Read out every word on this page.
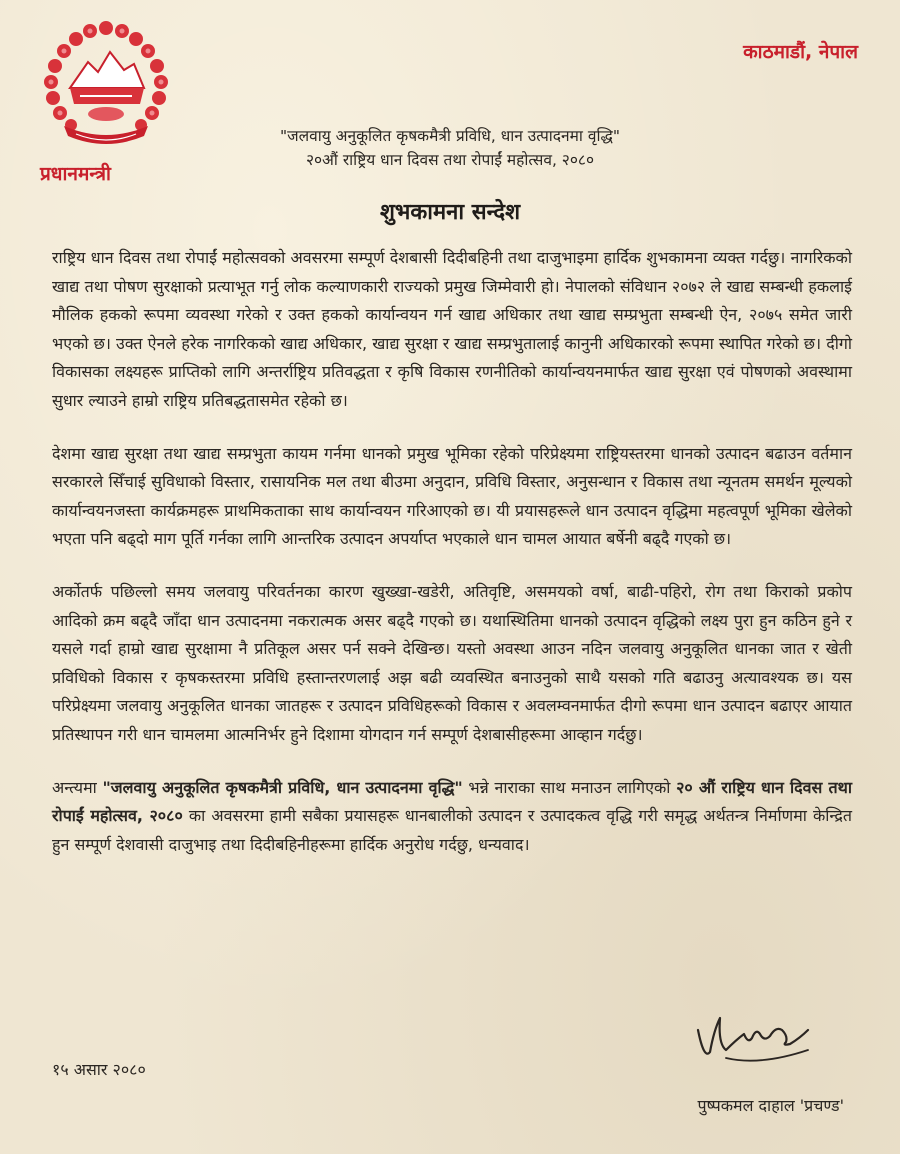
प्रधानमन्त्री
काठमाडौं, नेपाल
"जलवायु अनुकूलित कृषकमैत्री प्रविधि, धान उत्पादनमा वृद्धि"
२०औं राष्ट्रिय धान दिवस तथा रोपाईं महोत्सव, २०८०
शुभकामना सन्देश

राष्ट्रिय धान दिवस तथा रोपाईं महोत्सवको अवसरमा सम्पूर्ण देशबासी दिदीबहिनी तथा दाजुभाइमा हार्दिक शुभकामना व्यक्त गर्दछु। नागरिकको खाद्य तथा पोषण सुरक्षाको प्रत्याभूत गर्नु लोक कल्याणकारी राज्यको प्रमुख जिम्मेवारी हो। नेपालको संविधान २०७२ ले खाद्य सम्बन्धी हकलाई मौलिक हकको रूपमा व्यवस्था गरेको र उक्त हकको कार्यान्वयन गर्न खाद्य अधिकार तथा खाद्य सम्प्रभुता सम्बन्धी ऐन, २०७५ समेत जारी भएको छ। उक्त ऐनले हरेक नागरिकको खाद्य अधिकार, खाद्य सुरक्षा र खाद्य सम्प्रभुतालाई कानुनी अधिकारको रूपमा स्थापित गरेको छ। दीगो विकासका लक्ष्यहरू प्राप्तिको लागि अन्तर्राष्ट्रिय प्रतिवद्धता र कृषि विकास रणनीतिको कार्यान्वयनमार्फत खाद्य सुरक्षा एवं पोषणको अवस्थामा सुधार ल्याउने हाम्रो राष्ट्रिय प्रतिबद्धतासमेत रहेको छ।

देशमा खाद्य सुरक्षा तथा खाद्य सम्प्रभुता कायम गर्नमा धानको प्रमुख भूमिका रहेको परिप्रेक्ष्यमा राष्ट्रियस्तरमा धानको उत्पादन बढाउन वर्तमान सरकारले सिँचाई सुविधाको विस्तार, रासायनिक मल तथा बीउमा अनुदान, प्रविधि विस्तार, अनुसन्धान र विकास तथा न्यूनतम समर्थन मूल्यको कार्यान्वयनजस्ता कार्यक्रमहरू प्राथमिकताका साथ कार्यान्वयन गरिआएको छ। यी प्रयासहरूले धान उत्पादन वृद्धिमा महत्वपूर्ण भूमिका खेलेको भएता पनि बढ्दो माग पूर्ति गर्नका लागि आन्तरिक उत्पादन अपर्याप्त भएकाले धान चामल आयात बर्षेनी बढ्दै गएको छ।

अर्कोतर्फ पछिल्लो समय जलवायु परिवर्तनका कारण खुख्खा-खडेरी, अतिवृष्टि, असमयको वर्षा, बाढी-पहिरो, रोग तथा किराको प्रकोप आदिको क्रम बढ्दै जाँदा धान उत्पादनमा नकरात्मक असर बढ्दै गएको छ। यथास्थितिमा धानको उत्पादन वृद्धिको लक्ष्य पुरा हुन कठिन हुने र यसले गर्दा हाम्रो खाद्य सुरक्षामा नै प्रतिकूल असर पर्न सक्ने देखिन्छ। यस्तो अवस्था आउन नदिन जलवायु अनुकूलित धानका जात र खेती प्रविधिको विकास र कृषकस्तरमा प्रविधि हस्तान्तरणलाई अझ बढी व्यवस्थित बनाउनुको साथै यसको गति बढाउनु अत्यावश्यक छ। यस परिप्रेक्ष्यमा जलवायु अनुकूलित धानका जातहरू र उत्पादन प्रविधिहरूको विकास र अवलम्वनमार्फत दीगो रूपमा धान उत्पादन बढाएर आयात प्रतिस्थापन गरी धान चामलमा आत्मनिर्भर हुने दिशामा योगदान गर्न सम्पूर्ण देशबासीहरूमा आव्हान गर्दछु।

अन्त्यमा "जलवायु अनुकूलित कृषकमैत्री प्रविधि, धान उत्पादनमा वृद्धि" भन्ने नाराका साथ मनाउन लागिएको २० औं राष्ट्रिय धान दिवस तथा रोपाईं महोत्सव, २०८० का अवसरमा हामी सबैका प्रयासहरू धानबालीको उत्पादन र उत्पादकत्व वृद्धि गरी समृद्ध अर्थतन्त्र निर्माणमा केन्द्रित हुन सम्पूर्ण देशवासी दाजुभाइ तथा दिदीबहिनीहरूमा हार्दिक अनुरोध गर्दछु, धन्यवाद।

१५ असार २०८०
पुष्पकमल दाहाल 'प्रचण्ड'
